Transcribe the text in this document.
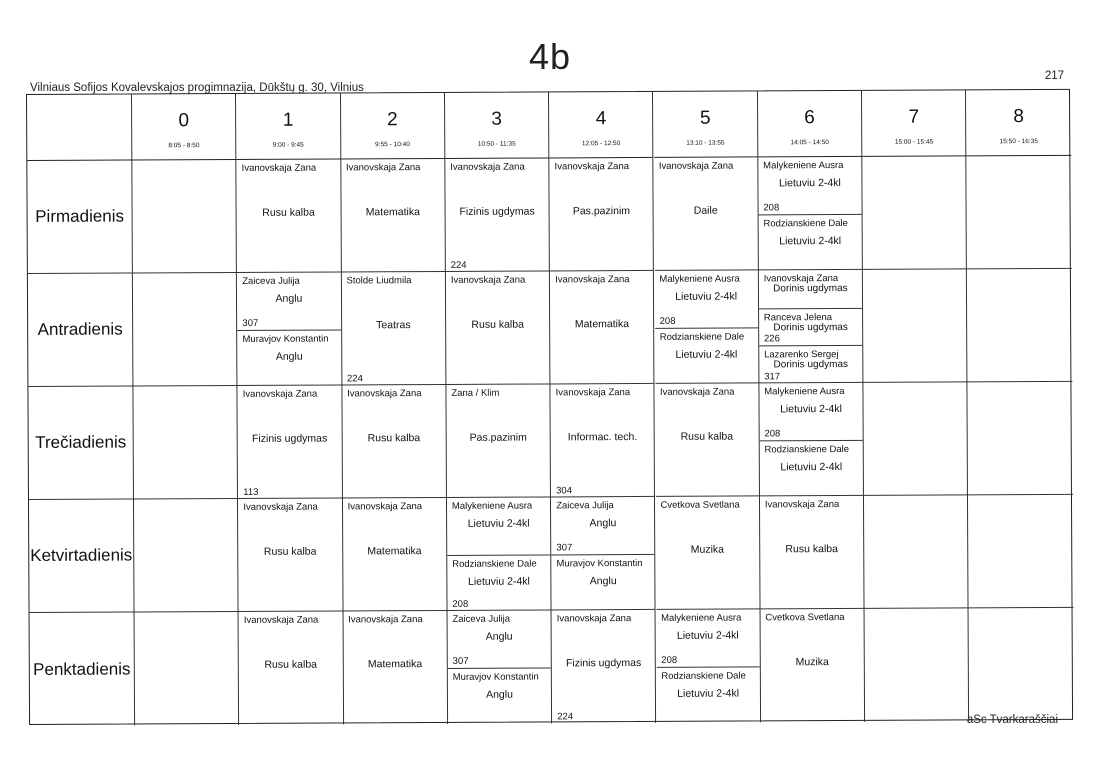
4b
Vilniaus Sofijos Kovalevskajos progimnazija, Dūkštų g. 30, Vilnius
217
aSc Tvarkaraščiai
0
8:05 - 8:50
1
9:00 - 9:45
2
9:55 - 10:40
3
10:50 - 11:35
4
12:05 - 12:50
5
13:10 - 13:55
6
14:05 - 14:50
7
15:00 - 15:45
8
15:50 - 16:35
Pirmadienis
Ivanovskaja Zana
Rusu kalba
Ivanovskaja Zana
Matematika
Ivanovskaja Zana
Fizinis ugdymas
224
Ivanovskaja Zana
Pas.pazinim
Ivanovskaja Zana
Daile
Malykeniene Ausra
Lietuviu 2-4kl
208
Rodzianskiene Dale
Lietuviu 2-4kl
Antradienis
Zaiceva Julija
Anglu
307
Muravjov Konstantin
Anglu
Stolde Liudmila
Teatras
224
Ivanovskaja Zana
Rusu kalba
Ivanovskaja Zana
Matematika
Malykeniene Ausra
Lietuviu 2-4kl
208
Rodzianskiene Dale
Lietuviu 2-4kl
Ivanovskaja Zana
Dorinis ugdymas
Ranceva Jelena
Dorinis ugdymas
226
Lazarenko Sergej
Dorinis ugdymas
317
Trečiadienis
Ivanovskaja Zana
Fizinis ugdymas
113
Ivanovskaja Zana
Rusu kalba
Zana / Klim
Pas.pazinim
Ivanovskaja Zana
Informac. tech.
304
Ivanovskaja Zana
Rusu kalba
Malykeniene Ausra
Lietuviu 2-4kl
208
Rodzianskiene Dale
Lietuviu 2-4kl
Ketvirtadienis
Ivanovskaja Zana
Rusu kalba
Ivanovskaja Zana
Matematika
Malykeniene Ausra
Lietuviu 2-4kl
Rodzianskiene Dale
Lietuviu 2-4kl
208
Zaiceva Julija
Anglu
307
Muravjov Konstantin
Anglu
Cvetkova Svetlana
Muzika
Ivanovskaja Zana
Rusu kalba
Penktadienis
Ivanovskaja Zana
Rusu kalba
Ivanovskaja Zana
Matematika
Zaiceva Julija
Anglu
307
Muravjov Konstantin
Anglu
Ivanovskaja Zana
Fizinis ugdymas
224
Malykeniene Ausra
Lietuviu 2-4kl
208
Rodzianskiene Dale
Lietuviu 2-4kl
Cvetkova Svetlana
Muzika
